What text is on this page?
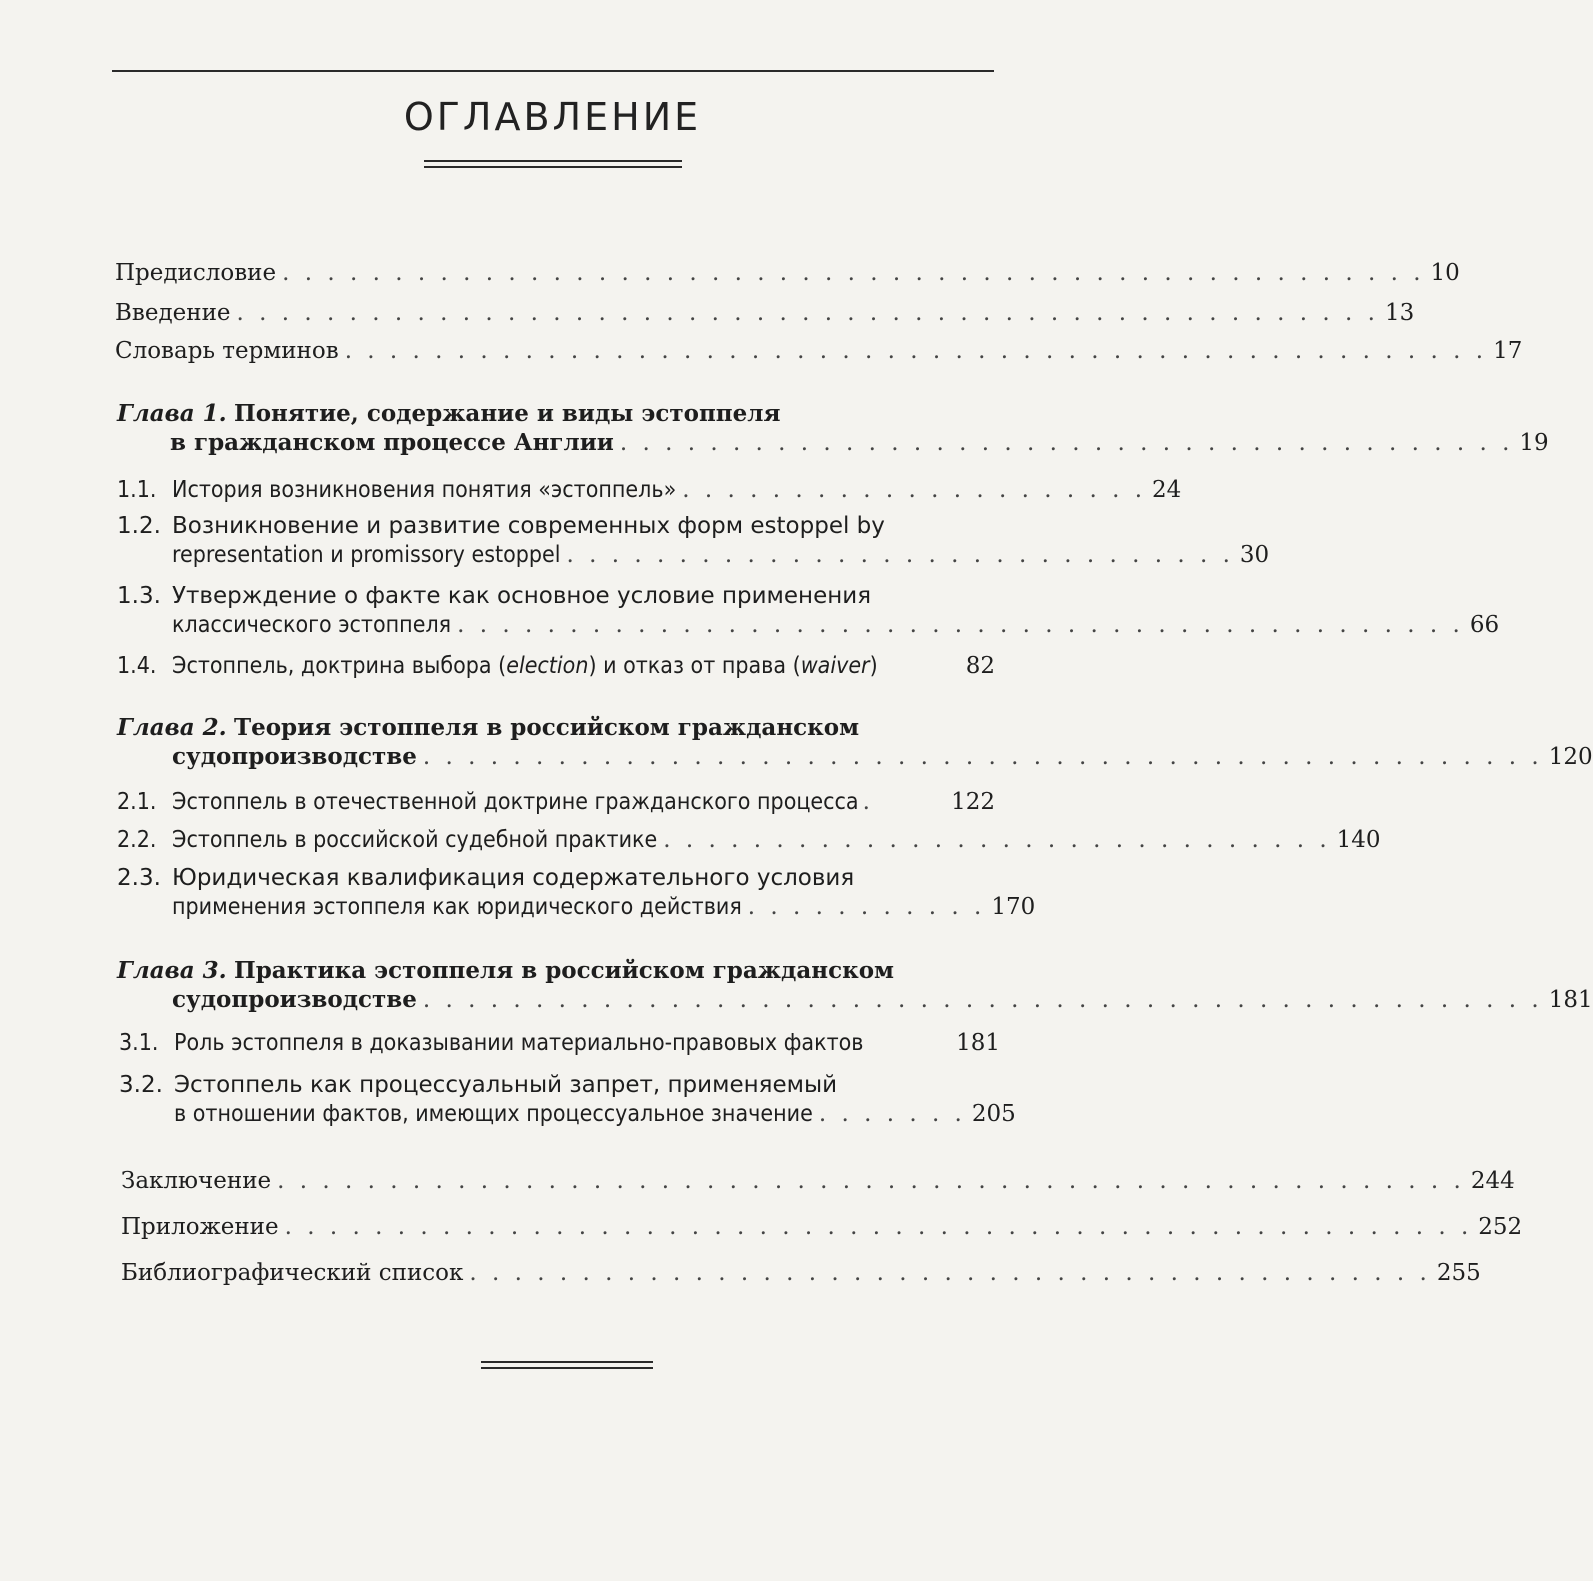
ОГЛАВЛЕНИЕ
Предисловие . . . . . . . . . . . . . . . . . . . . . . . . . . . . . . . . . . . . . . . . . . . . . . . . . . . 10
Введение . . . . . . . . . . . . . . . . . . . . . . . . . . . . . . . . . . . . . . . . . . . . . . . . . . . 13
Словарь терминов . . . . . . . . . . . . . . . . . . . . . . . . . . . . . . . . . . . . . . . . . . . . . . . . . . . 17
Глава 1. Понятие, содержание и виды эстоппеля
в гражданском процессе Англии . . . . . . . . . . . . . . . . . . . . . . . . . . . . . . . . . . . . . . . . 19
1.1. История возникновения понятия «эстоппель» . . . . . . . . . . . . . . . . . . . . . 24
1.2. Возникновение и развитие современных форм estoppel by
representation и promissory estoppel . . . . . . . . . . . . . . . . . . . . . . . . . . . . . . 30
1.3. Утверждение о факте как основное условие применения
классического эстоппеля . . . . . . . . . . . . . . . . . . . . . . . . . . . . . . . . . . . . . . . . . . . . . 66
1.4. Эстоппель, доктрина выбора (election) и отказ от права (waiver)	82
Глава 2. Теория эстоппеля в российском гражданском
судопроизводстве . . . . . . . . . . . . . . . . . . . . . . . . . . . . . . . . . . . . . . . . . . . . . . . . . . 120
2.1. Эстоппель в отечественной доктрине гражданского процесса .	122
2.2. Эстоппель в российской судебной практике . . . . . . . . . . . . . . . . . . . . . . . . . . . . . . 140
2.3. Юридическая квалификация содержательного условия
применения эстоппеля как юридического действия . . . . . . . . . . . 170
Глава 3. Практика эстоппеля в российском гражданском
судопроизводстве . . . . . . . . . . . . . . . . . . . . . . . . . . . . . . . . . . . . . . . . . . . . . . . . . . 181
3.1. Роль эстоппеля в доказывании материально-правовых фактов	181
3.2. Эстоппель как процессуальный запрет, применяемый
в отношении фактов, имеющих процессуальное значение . . . . . . . 205
Заключение . . . . . . . . . . . . . . . . . . . . . . . . . . . . . . . . . . . . . . . . . . . . . . . . . . . . . 244
Приложение . . . . . . . . . . . . . . . . . . . . . . . . . . . . . . . . . . . . . . . . . . . . . . . . . . . . . 252
Библиографический список . . . . . . . . . . . . . . . . . . . . . . . . . . . . . . . . . . . . . . . . . . . 255
